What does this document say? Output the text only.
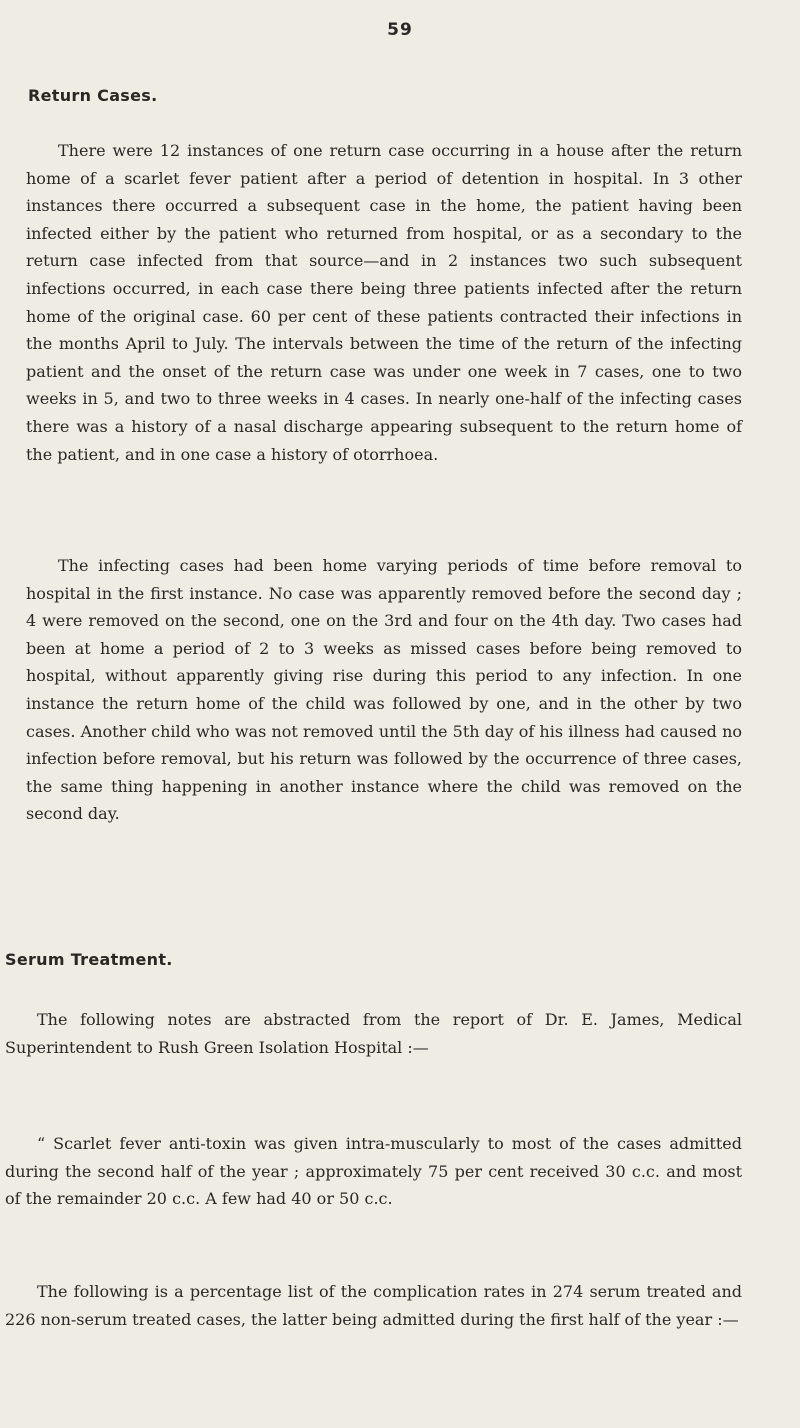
59
Return Cases.

There were 12 instances of one return case occurring in a house after the return home of a scarlet fever patient after a period of detention in hospital. In 3 other instances there occurred a subsequent case in the home, the patient having been infected either by the patient who returned from hospital, or as a secondary to the return case infected from that source—and in 2 instances two such subsequent infections occurred, in each case there being three patients infected after the return home of the original case. 60 per cent of these patients contracted their infections in the months April to July. The intervals between the time of the return of the infecting patient and the onset of the return case was under one week in 7 cases, one to two weeks in 5, and two to three weeks in 4 cases. In nearly one-half of the infecting cases there was a history of a nasal discharge appearing subsequent to the return home of the patient, and in one case a history of otorrhoea.

The infecting cases had been home varying periods of time before removal to hospital in the first instance. No case was apparently removed before the second day ; 4 were removed on the second, one on the 3rd and four on the 4th day. Two cases had been at home a period of 2 to 3 weeks as missed cases before being removed to hospital, without apparently giving rise during this period to any infection. In one instance the return home of the child was followed by one, and in the other by two cases. Another child who was not removed until the 5th day of his illness had caused no infection before removal, but his return was followed by the occurrence of three cases, the same thing happening in another instance where the child was removed on the second day.

Serum Treatment.

The following notes are abstracted from the report of Dr. E. James, Medical Superintendent to Rush Green Isolation Hospital :—

“ Scarlet fever anti-toxin was given intra-muscularly to most of the cases admitted during the second half of the year ; approximately 75 per cent received 30 c.c. and most of the remainder 20 c.c. A few had 40 or 50 c.c.

The following is a percentage list of the complication rates in 274 serum treated and 226 non-serum treated cases, the latter being admitted during the first half of the year :—
